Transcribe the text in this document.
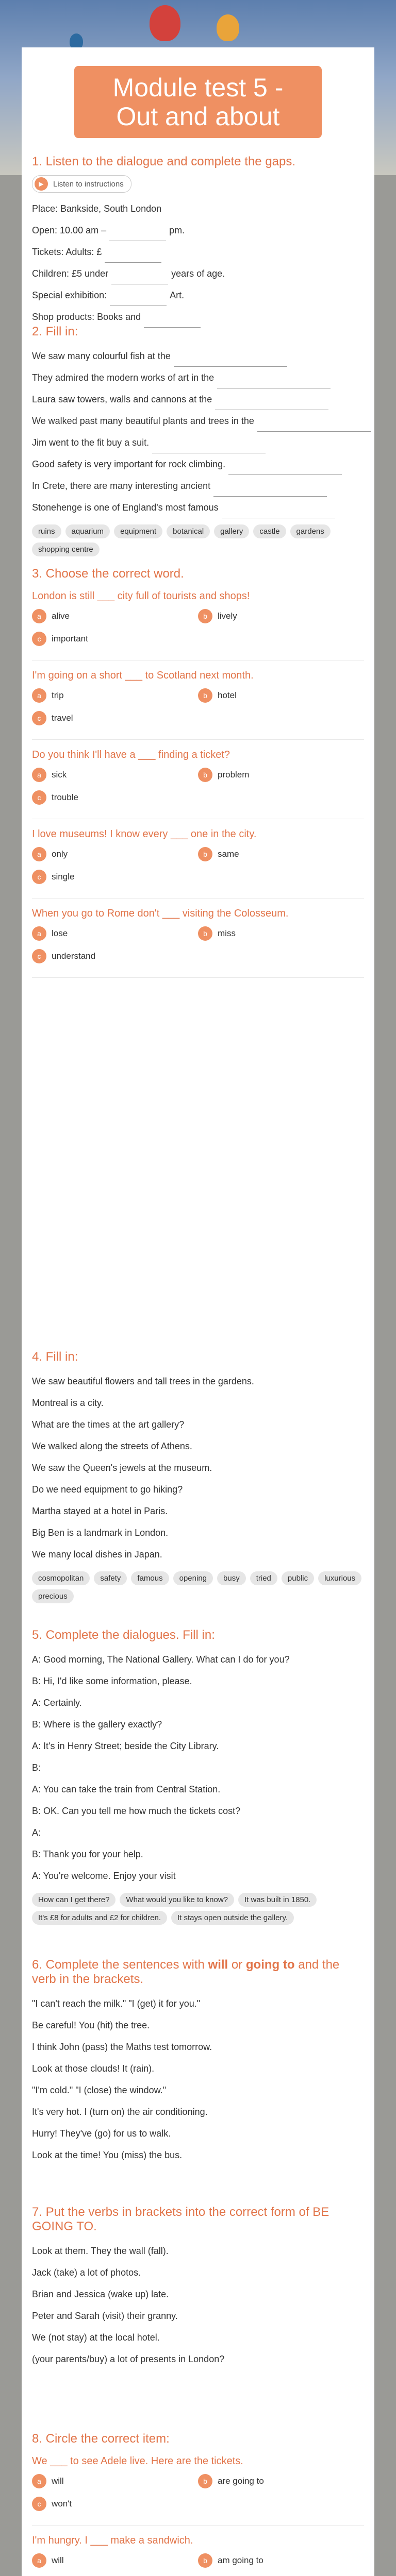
Module test 5 -
Out and about
1. Listen to the dialogue and complete the gaps.
▶	Listen to instructions
Place: Bankside, South London
Open: 10.00 am –	pm.
Tickets: Adults: £
Children: £5 under	years of age.
Special exhibition:	Art.
Shop products: Books and
2. Fill in:
We saw many colourful fish at the
They admired the modern works of art in the
Laura saw towers, walls and cannons at the
We walked past many beautiful plants and trees in the
Jim went to the fit buy a suit.
Good safety is very important for rock climbing.
In Crete, there are many interesting ancient
Stonehenge is one of England's most famous
ruins	aquarium	equipment	botanical	gallery	castle	gardens
shopping centre
3. Choose the correct word.
London is still ___ city full of tourists and shops!
a	alive	b	lively
c	important
I'm going on a short ___ to Scotland next month.
a	trip	b	hotel
c	travel
Do you think I'll have a ___ finding a ticket?
a	sick	b	problem
c	trouble
I love museums! I know every ___ one in the city.
a	only	b	same
c	single
When you go to Rome don't ___ visiting the Colosseum.
a	lose	b	miss
c	understand
4. Fill in:
We saw beautiful flowers and tall trees in the gardens.
Montreal is a city.
What are the times at the art gallery?
We walked along the streets of Athens.
We saw the Queen's jewels at the museum.
Do we need equipment to go hiking?
Martha stayed at a hotel in Paris.
Big Ben is a landmark in London.
We many local dishes in Japan.
cosmopolitan	safety	famous	opening	busy	tried	public	luxurious
precious
5. Complete the dialogues. Fill in:
A: Good morning, The National Gallery. What can I do for you?
B: Hi, I'd like some information, please.
A: Certainly.
B: Where is the gallery exactly?
A: It's in Henry Street; beside the City Library.
B:
A: You can take the train from Central Station.
B: OK. Can you tell me how much the tickets cost?
A:
B: Thank you for your help.
A: You're welcome. Enjoy your visit
How can I get there?	What would you like to know?	It was built in 1850.
It's £8 for adults and £2 for children.	It stays open outside the gallery.
6. Complete the sentences with will or going to and the verb in the brackets.
"I can't reach the milk." "I (get) it for you."
Be careful! You (hit) the tree.
I think John (pass) the Maths test tomorrow.
Look at those clouds! It (rain).
"I'm cold." "I (close) the window."
It's very hot. I (turn on) the air conditioning.
Hurry! They've (go) for us to walk.
Look at the time! You (miss) the bus.
7. Put the verbs in brackets into the correct form of BE GOING TO.
Look at them. They the wall (fall).
Jack (take) a lot of photos.
Brian and Jessica (wake up) late.
Peter and Sarah (visit) their granny.
We (not stay) at the local hotel.
(your parents/buy) a lot of presents in London?
8. Circle the correct item:
We ___ to see Adele live. Here are the tickets.
a	will	b	are going to
c	won't
I'm hungry. I ___ make a sandwich.
a	will	b	am going to
